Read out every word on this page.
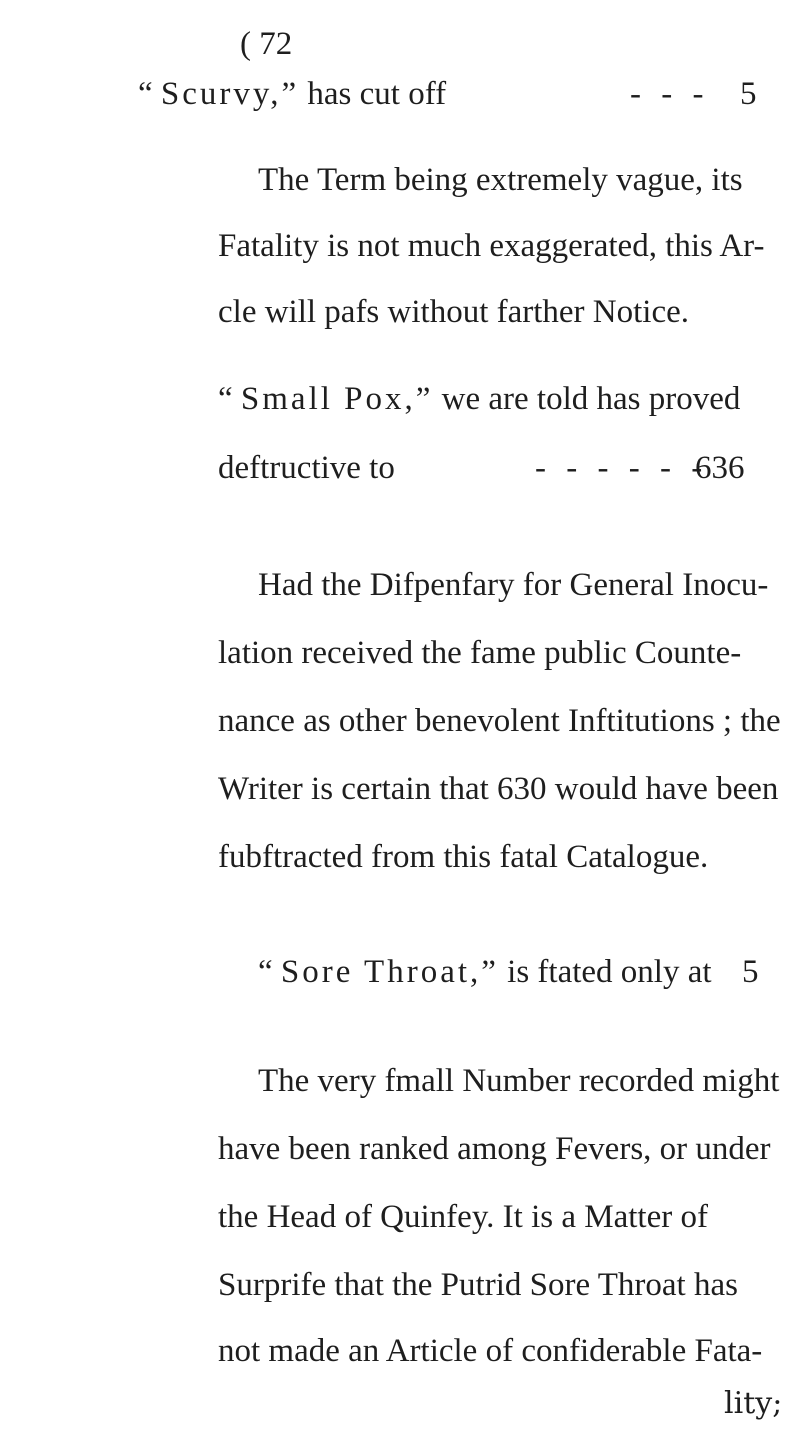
( 72
“ Scurvy,” has cut off	- - - 5
The Term being extremely vague, its
Fatality is not much exaggerated, this Ar-
cle will pafs without farther Notice.
“ Small Pox,” we are told has proved
deftructive to	- - - - - -
636
Had the Difpenfary for General Inocu-
lation received the fame public Counte-
nance as other benevolent Inftitutions ; the
Writer is certain that 630 would have been
fubftracted from this fatal Catalogue.
“ Sore Throat,” is ftated only at 5
The very fmall Number recorded might
have been ranked among Fevers, or under
the Head of Quinfey. It is a Matter of
Surprife that the Putrid Sore Throat has
not made an Article of confiderable Fata-
lity;
